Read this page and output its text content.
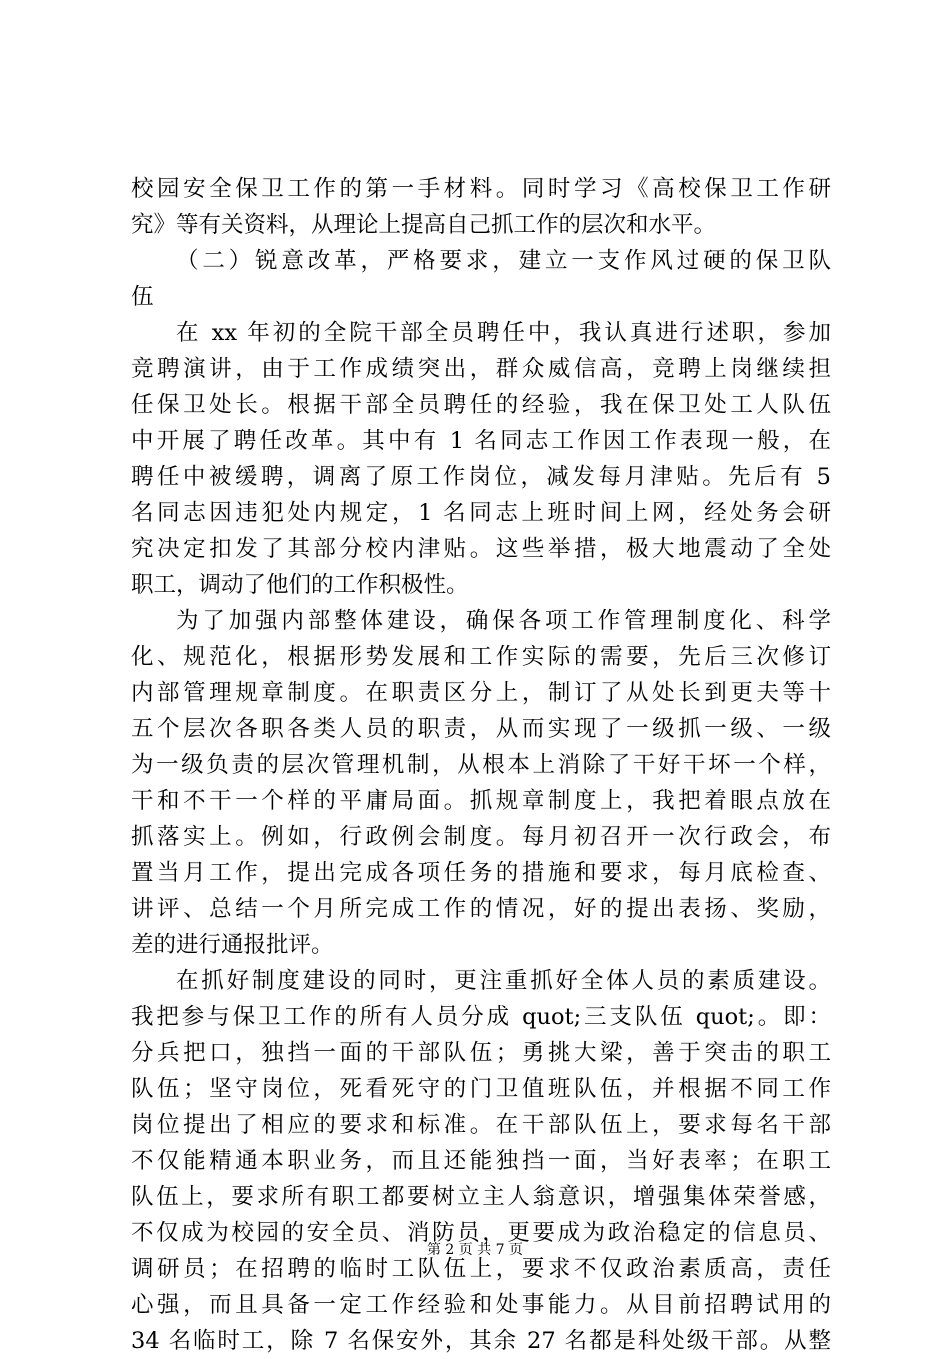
校园安全保卫工作的第一手材料。同时学习《高校保卫工作研
究》等有关资料，从理论上提高自己抓工作的层次和水平。
（二）锐意改革，严格要求，建立一支作风过硬的保卫队
伍
在 xx 年初的全院干部全员聘任中，我认真进行述职，参加
竞聘演讲，由于工作成绩突出，群众威信高，竞聘上岗继续担
任保卫处长。根据干部全员聘任的经验，我在保卫处工人队伍
中开展了聘任改革。其中有 1 名同志工作因工作表现一般，在
聘任中被缓聘，调离了原工作岗位，减发每月津贴。先后有 5
名同志因违犯处内规定，1 名同志上班时间上网，经处务会研
究决定扣发了其部分校内津贴。这些举措，极大地震动了全处
职工，调动了他们的工作积极性。
为了加强内部整体建设，确保各项工作管理制度化、科学
化、规范化，根据形势发展和工作实际的需要，先后三次修订
内部管理规章制度。在职责区分上，制订了从处长到更夫等十
五个层次各职各类人员的职责，从而实现了一级抓一级、一级
为一级负责的层次管理机制，从根本上消除了干好干坏一个样，
干和不干一个样的平庸局面。抓规章制度上，我把着眼点放在
抓落实上。例如，行政例会制度。每月初召开一次行政会，布
置当月工作，提出完成各项任务的措施和要求，每月底检查、
讲评、总结一个月所完成工作的情况，好的提出表扬、奖励，
差的进行通报批评。
在抓好制度建设的同时，更注重抓好全体人员的素质建设。
我把参与保卫工作的所有人员分成 quot;三支队伍 quot;。即：
分兵把口，独挡一面的干部队伍；勇挑大梁，善于突击的职工
队伍；坚守岗位，死看死守的门卫值班队伍，并根据不同工作
岗位提出了相应的要求和标准。在干部队伍上，要求每名干部
不仅能精通本职业务，而且还能独挡一面，当好表率；在职工
队伍上，要求所有职工都要树立主人翁意识，增强集体荣誉感，
不仅成为校园的安全员、消防员，更要成为政治稳定的信息员、
调研员；在招聘的临时工队伍上，要求不仅政治素质高，责任
心强，而且具备一定工作经验和处事能力。从目前招聘试用的
34 名临时工，除 7 名保安外，其余 27 名都是科处级干部。从整
第 2 页 共 7 页
